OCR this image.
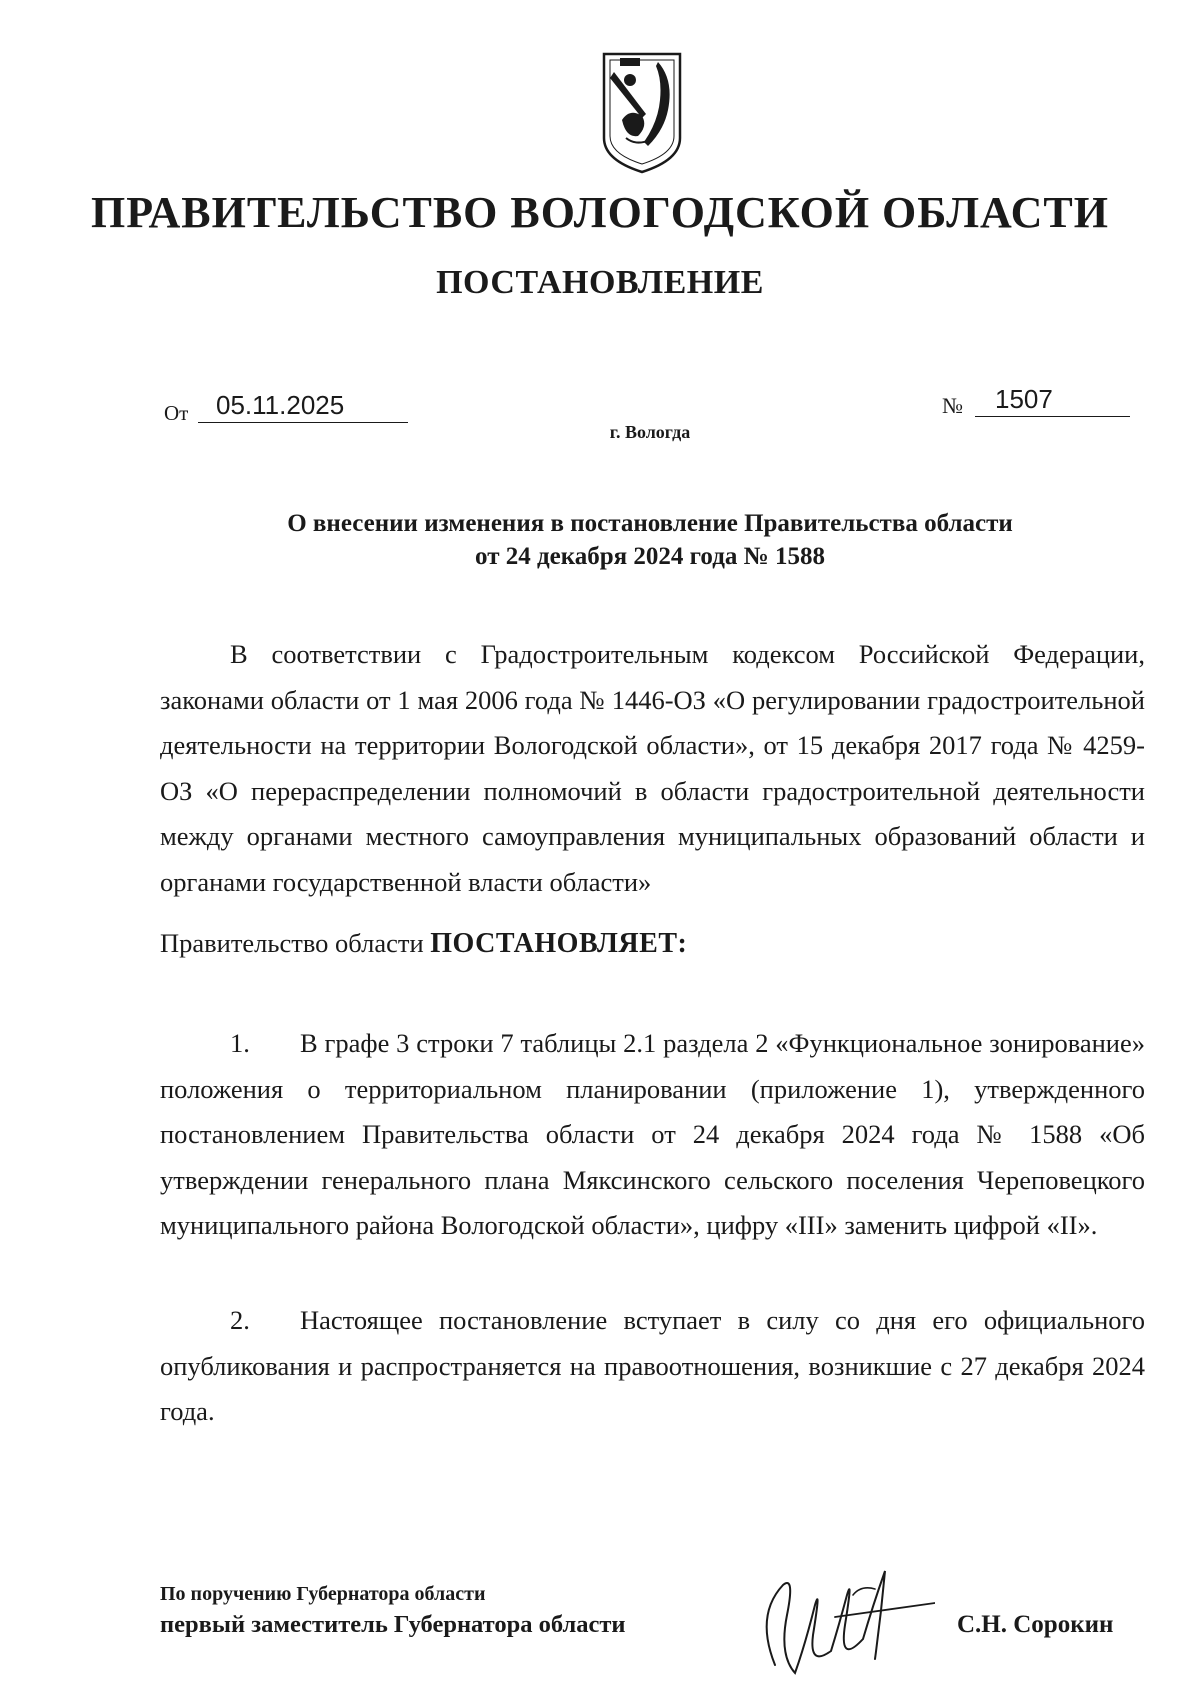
ПРАВИТЕЛЬСТВО ВОЛОГОДСКОЙ ОБЛАСТИ
ПОСТАНОВЛЕНИЕ
От	05.11.2025	№	1507
г. Вологда
О внесении изменения в постановление Правительства области
от 24 декабря 2024 года № 1588

В соответствии с Градостроительным кодексом Российской Федерации, законами области от 1 мая 2006 года № 1446-ОЗ «О регулировании градостроительной деятельности на территории Вологодской области», от 15 декабря 2017 года № 4259-ОЗ «О перераспределении полномочий в области градостроительной деятельности между органами местного самоуправления муниципальных образований области и органами государственной власти области»

Правительство области ПОСТАНОВЛЯЕТ:

1. В графе 3 строки 7 таблицы 2.1 раздела 2 «Функциональное зонирование» положения о территориальном планировании (приложение 1), утвержденного постановлением Правительства области от 24 декабря 2024 года № 1588 «Об утверждении генерального плана Мяксинского сельского поселения Череповецкого муниципального района Вологодской области», цифру «III» заменить цифрой «II».

2. Настоящее постановление вступает в силу со дня его официального опубликования и распространяется на правоотношения, возникшие с 27 декабря 2024 года.

По поручению Губернатора области
первый заместитель Губернатора области	С.Н. Сорокин
